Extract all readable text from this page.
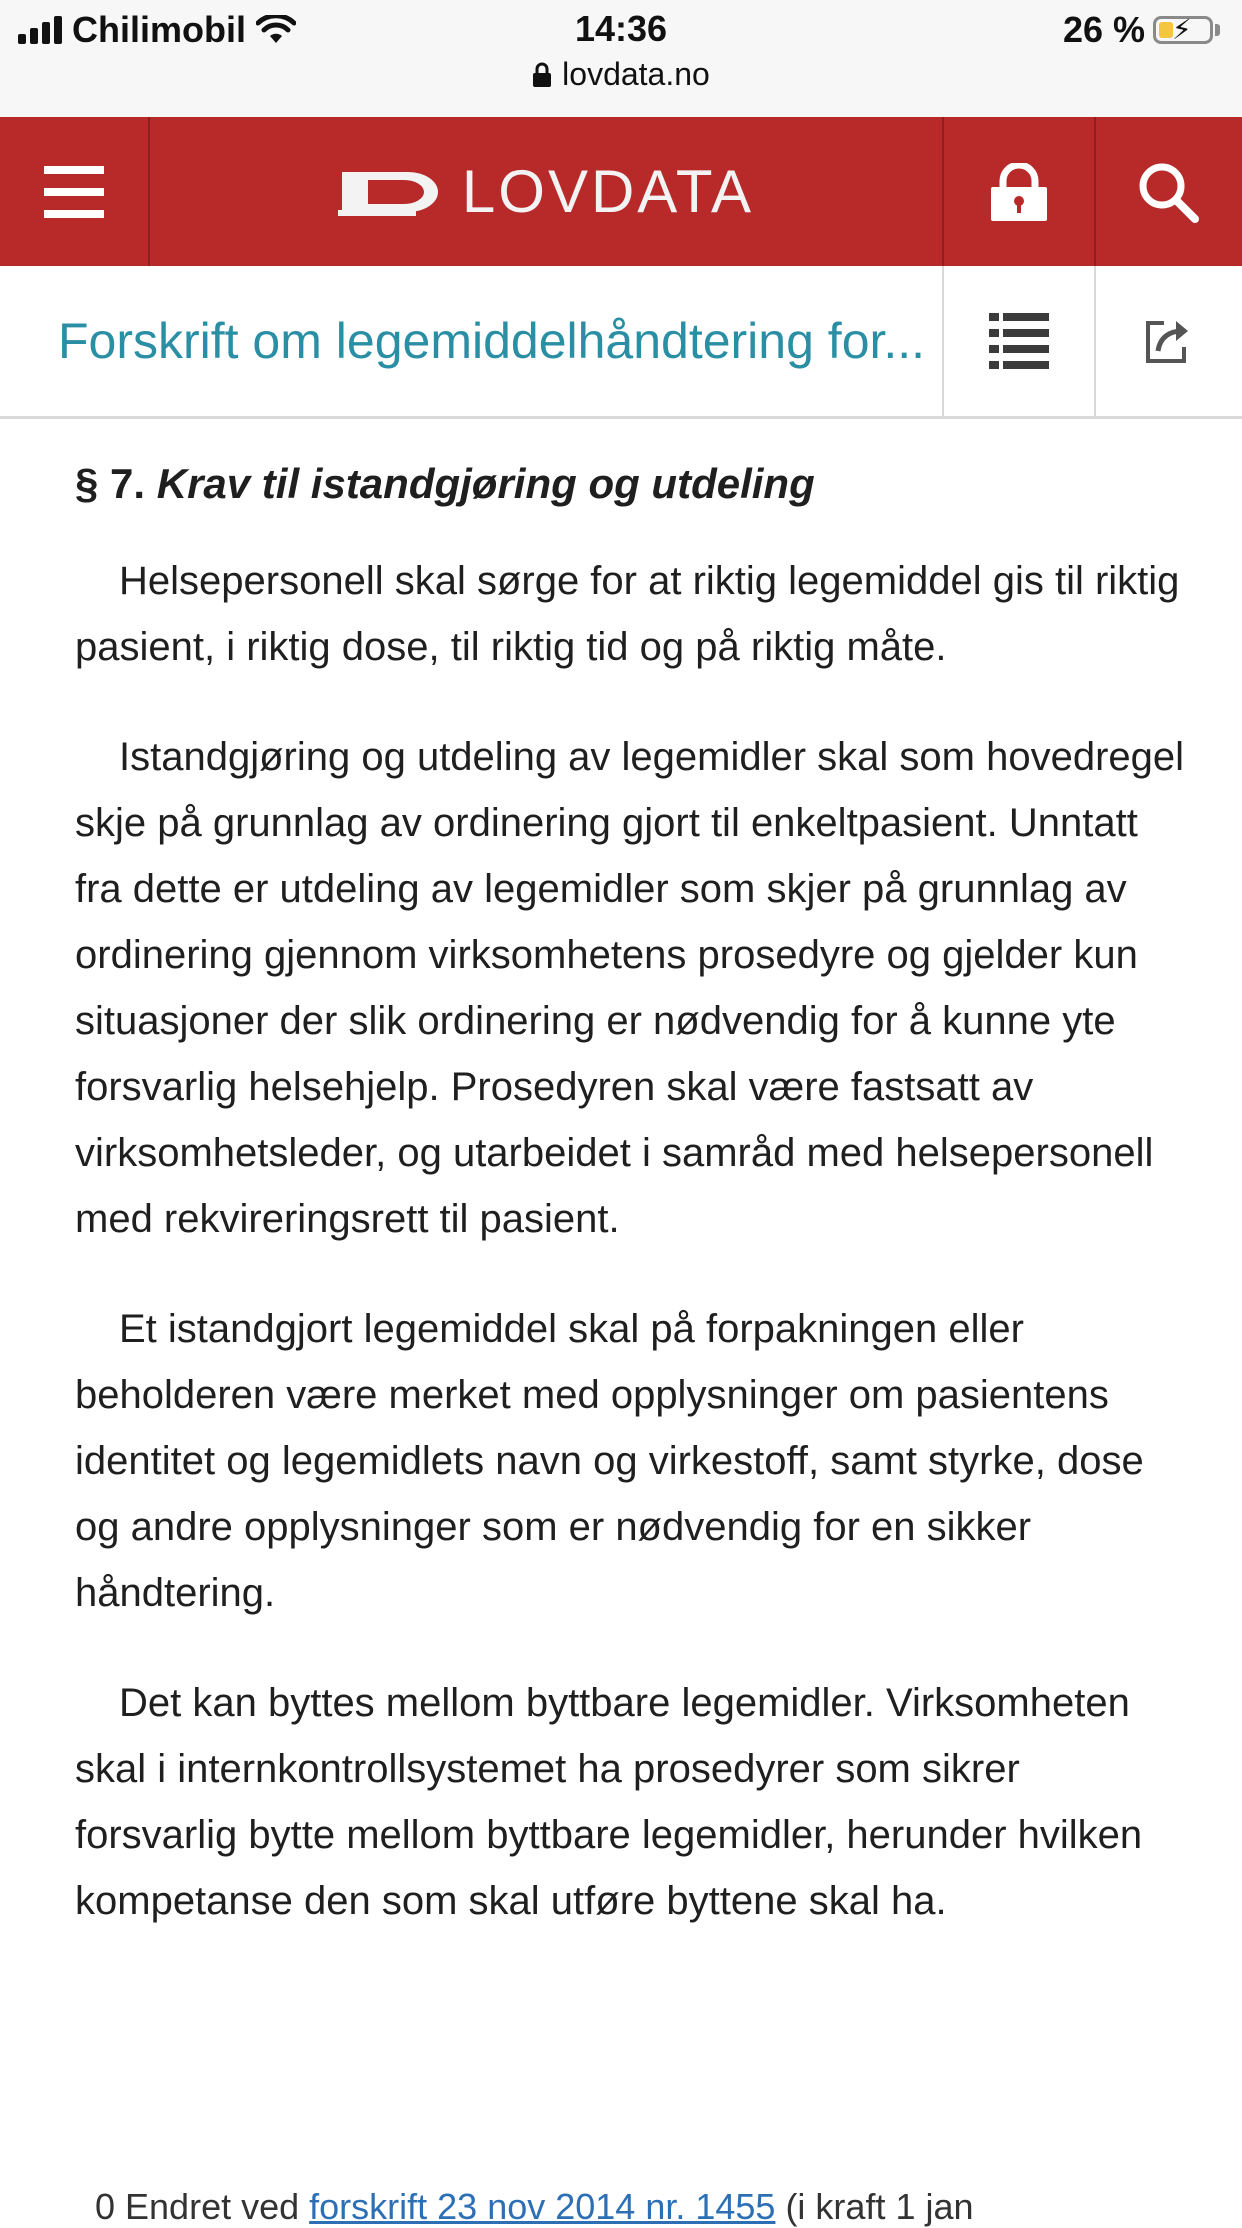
Chilimobil	14:36	26 % ⚡
lovdata.no
LOVDATA
Forskrift om legemiddelhåndtering for...
§ 7. Krav til istandgjøring og utdeling

Helsepersonell skal sørge for at riktig legemiddel gis til riktig pasient, i riktig dose, til riktig tid og på riktig måte.

Istandgjøring og utdeling av legemidler skal som hovedregel skje på grunnlag av ordinering gjort til enkeltpasient. Unntatt fra dette er utdeling av legemidler som skjer på grunnlag av ordinering gjennom virksomhetens prosedyre og gjelder kun situasjoner der slik ordinering er nødvendig for å kunne yte forsvarlig helsehjelp. Prosedyren skal være fastsatt av virksomhetsleder, og utarbeidet i samråd med helsepersonell med rekvireringsrett til pasient.

Et istandgjort legemiddel skal på forpakningen eller beholderen være merket med opplysninger om pasientens identitet og legemidlets navn og virkestoff, samt styrke, dose og andre opplysninger som er nødvendig for en sikker håndtering.

Det kan byttes mellom byttbare legemidler. Virksomheten skal i internkontrollsystemet ha prosedyrer som sikrer forsvarlig bytte mellom byttbare legemidler, herunder hvilken kompetanse den som skal utføre byttene skal ha.

0 Endret ved forskrift 23 nov 2014 nr. 1455 (i kraft 1 jan
